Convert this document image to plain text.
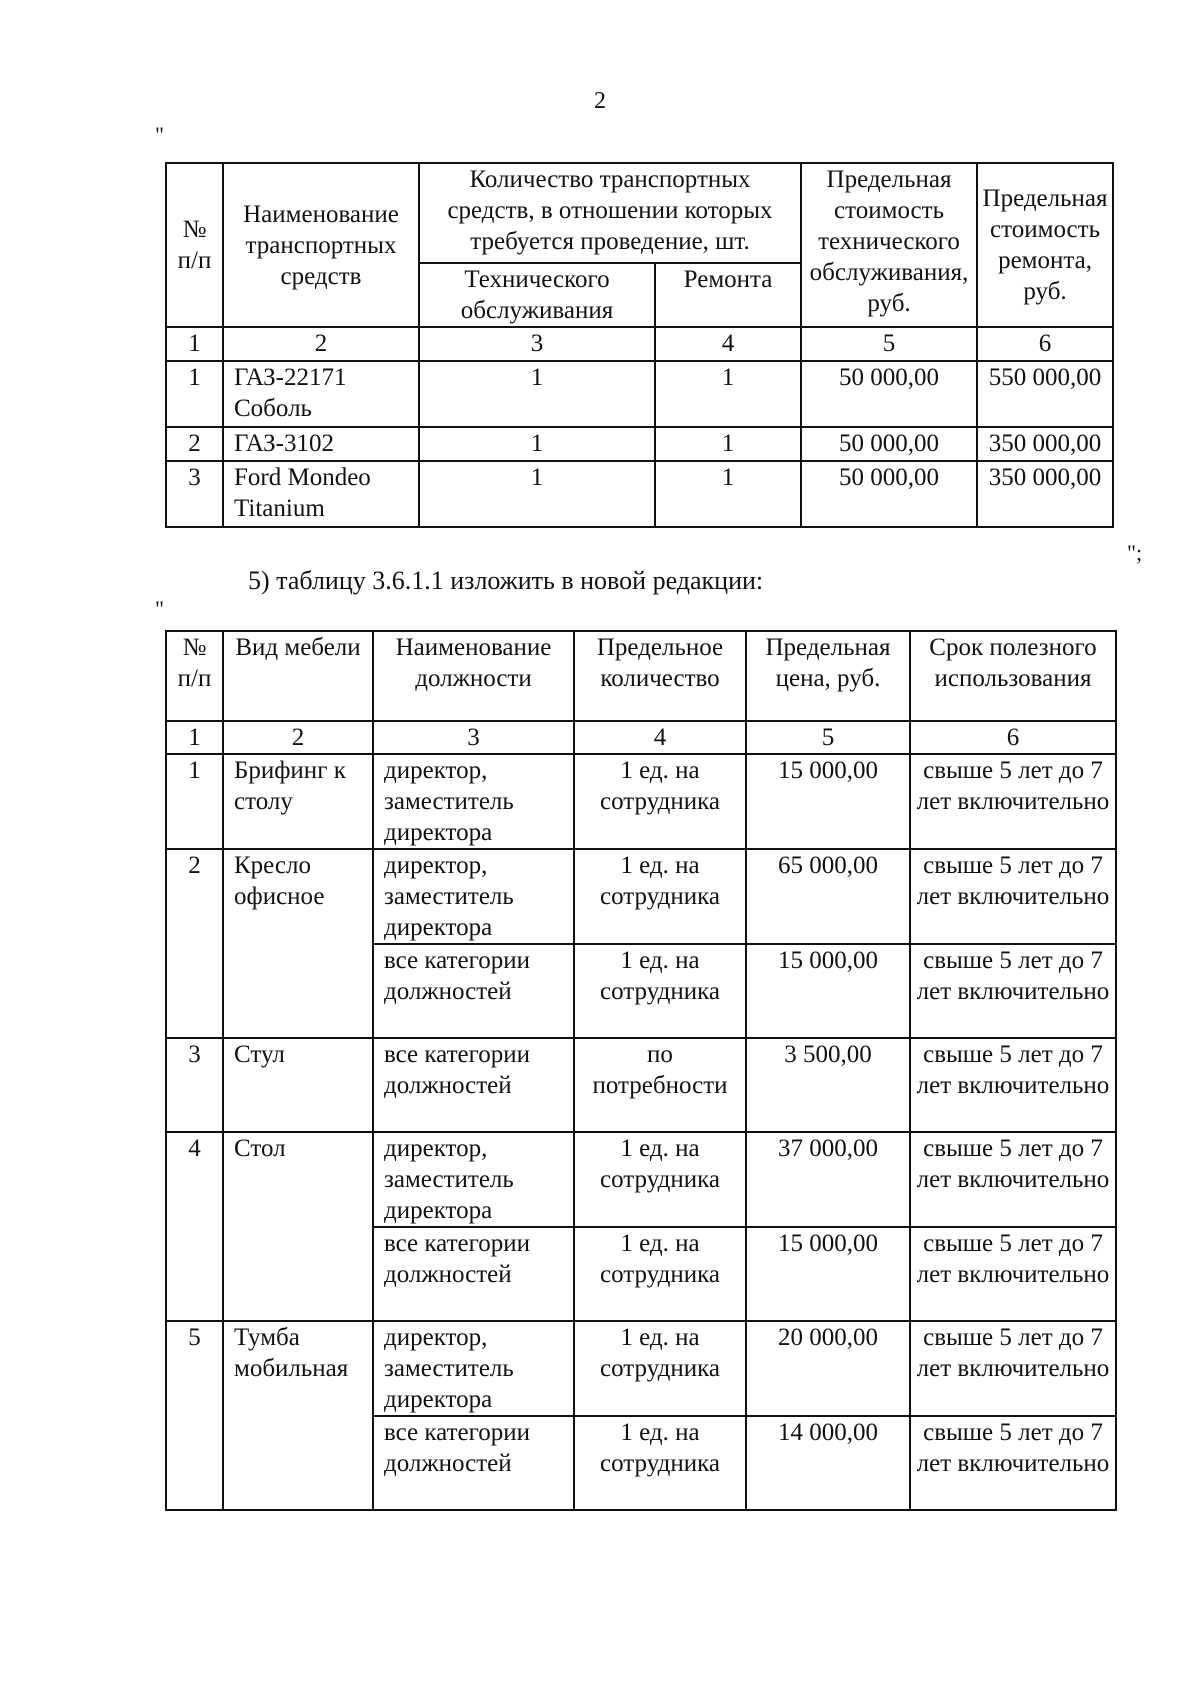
2
"
№ п/п	Наименование транспортных средств	Количество транспортных средств, в отношении которых требуется проведение, шт.		Предельная стоимость технического обслуживания, руб.	Предельная стоимость ремонта, руб.
		Технического обслуживания	Ремонта		
1	2	3	4	5	6
1	ГАЗ-22171 Соболь	1	1	50 000,00	550 000,00
2	ГАЗ-3102	1	1	50 000,00	350 000,00
3	Ford Mondeo Titanium	1	1	50 000,00	350 000,00
";
5) таблицу 3.6.1.1 изложить в новой редакции:
"
№ п/п	Вид мебели	Наименование должности	Предельное количество	Предельная цена, руб.	Срок полезного использования
1	2	3	4	5	6
1	Брифинг к столу	директор, заместитель директора	1 ед. на сотрудника	15 000,00	свыше 5 лет до 7 лет включительно
2	Кресло офисное	директор, заместитель директора	1 ед. на сотрудника	65 000,00	свыше 5 лет до 7 лет включительно
		все категории должностей	1 ед. на сотрудника	15 000,00	свыше 5 лет до 7 лет включительно
3	Стул	все категории должностей	по потребности	3 500,00	свыше 5 лет до 7 лет включительно
4	Стол	директор, заместитель директора	1 ед. на сотрудника	37 000,00	свыше 5 лет до 7 лет включительно
		все категории должностей	1 ед. на сотрудника	15 000,00	свыше 5 лет до 7 лет включительно
5	Тумба мобильная	директор, заместитель директора	1 ед. на сотрудника	20 000,00	свыше 5 лет до 7 лет включительно
		все категории должностей	1 ед. на сотрудника	14 000,00	свыше 5 лет до 7 лет включительно
